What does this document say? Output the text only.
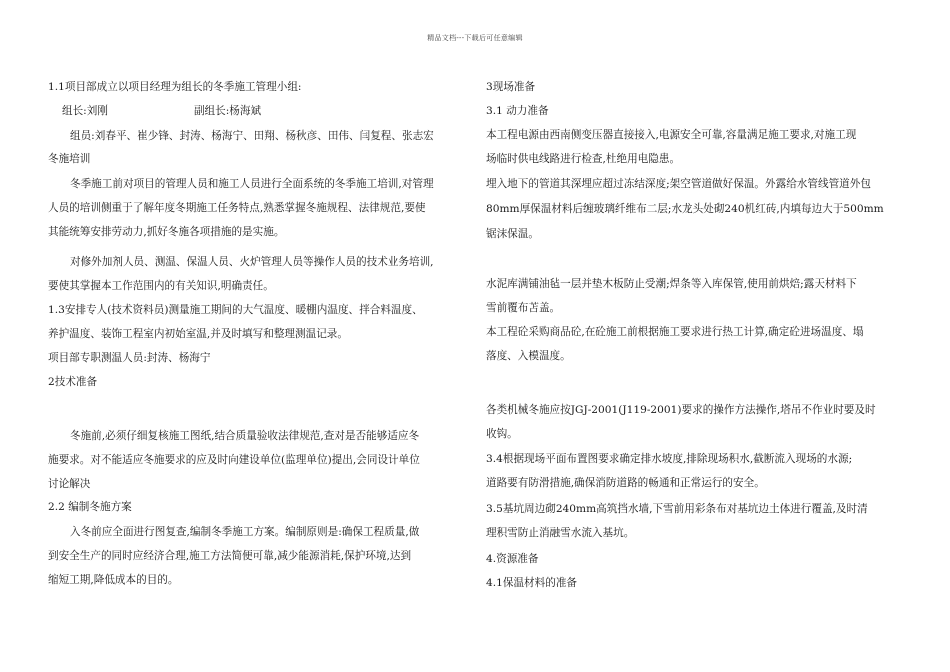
精品文档---下载后可任意编辑
1.1项目部成立以项目经理为组长的冬季施工管理小组:
组长:刘刚	副组长:杨海斌
组员:刘春平、崔少锋、封涛、杨海宁、田翔、杨秋彦、田伟、闫复程、张志宏
冬施培训
冬季施工前对项目的管理人员和施工人员进行全面系统的冬季施工培训,对管理
人员的培训侧重于了解年度冬期施工任务特点,熟悉掌握冬施规程、法律规范,要使
其能统筹安排劳动力,抓好冬施各项措施的是实施。
对修外加剂人员、测温、保温人员、火炉管理人员等操作人员的技术业务培训,
要使其掌握本工作范围内的有关知识,明确责任。
1.3安排专人(技术资料员)测量施工期间的大气温度、暖棚内温度、拌合料温度、
养护温度、装饰工程室内初始室温,并及时填写和整理测温记录。
项目部专职测温人员:封涛、杨海宁
2技术准备
冬施前,必须仔细复核施工图纸,结合质量验收法律规范,查对是否能够适应冬
施要求。对不能适应冬施要求的应及时向建设单位(监理单位)提出,会同设计单位
讨论解决
2.2 编制冬施方案
入冬前应全面进行图复查,编制冬季施工方案。编制原则是:确保工程质量,做
到安全生产的同时应经济合理,施工方法简便可靠,减少能源消耗,保护环境,达到
缩短工期,降低成本的目的。
3现场准备
3.1 动力准备
本工程电源由西南侧变压器直接接入,电源安全可靠,容量满足施工要求,对施工现
场临时供电线路进行检查,杜绝用电隐患。
埋入地下的管道其深埋应超过冻结深度;架空管道做好保温。外露给水管线管道外包
80mm厚保温材料后缠玻璃纤维布二层;水龙头处砌240机红砖,内填每边大于500mm
锯沫保温。
水泥库满铺油毡一层并垫木板防止受潮;焊条等入库保管,使用前烘焙;露天材料下
雪前覆布苫盖。
本工程砼采购商品砼,在砼施工前根据施工要求进行热工计算,确定砼进场温度、塌
落度、入模温度。
各类机械冬施应按JGJ-2001(J119-2001)要求的操作方法操作,塔吊不作业时要及时
收钩。
3.4根据现场平面布置图要求确定排水坡度,排除现场积水,截断流入现场的水源;
道路要有防滑措施,确保消防道路的畅通和正常运行的安全。
3.5基坑周边砌240mm高筑挡水墙,下雪前用彩条布对基坑边土体进行覆盖,及时清
理积雪防止消融雪水流入基坑。
4.资源准备
4.1保温材料的准备
